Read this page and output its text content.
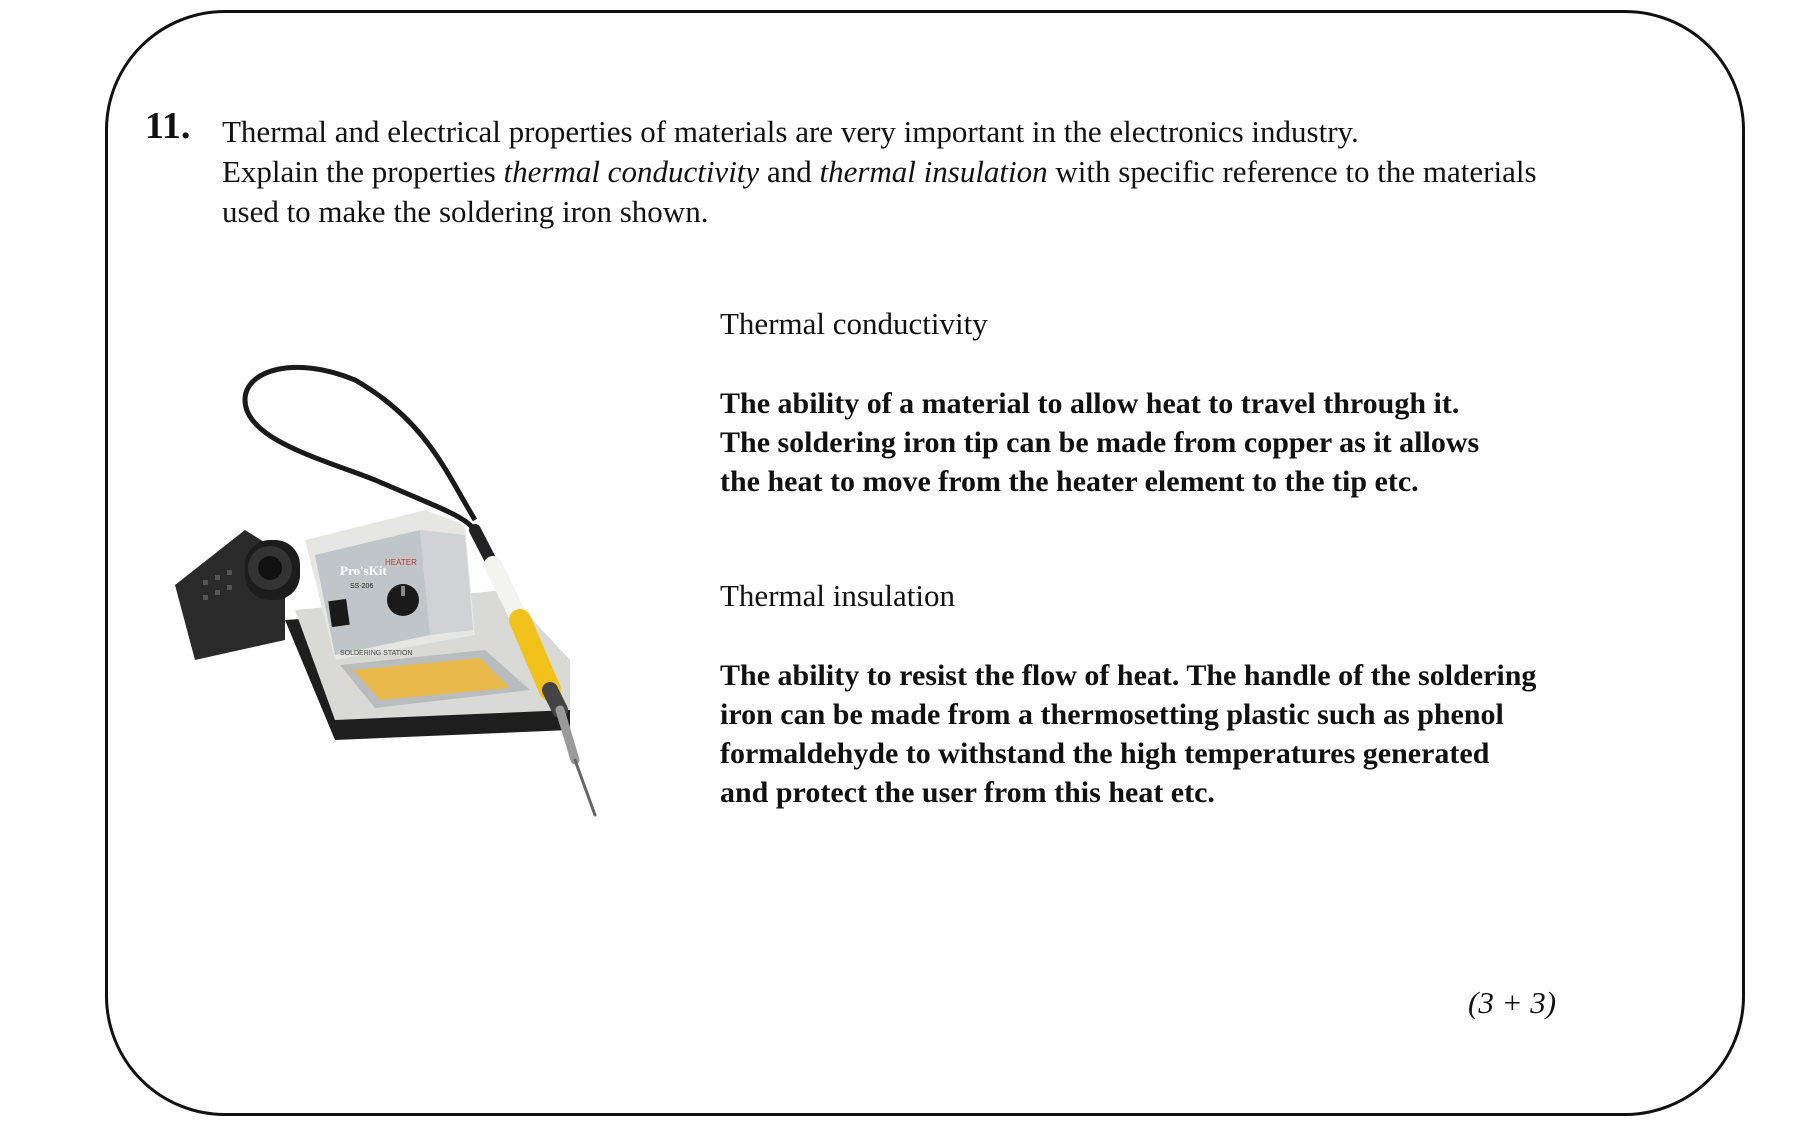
11. Thermal and electrical properties of materials are very important in the electronics industry.

Explain the properties thermal conductivity and thermal insulation with specific reference to the materials

used to make the soldering iron shown.

Pro'sKit
HEATER
SS-206
SOLDERING STATION
Thermal conductivity
The ability of a material to allow heat to travel through it.
The soldering iron tip can be made from copper as it allows
the heat to move from the heater element to the tip etc.
Thermal insulation
The ability to resist the flow of heat. The handle of the soldering
iron can be made from a thermosetting plastic such as phenol
formaldehyde to withstand the high temperatures generated
and protect the user from this heat etc.
(3 + 3)
